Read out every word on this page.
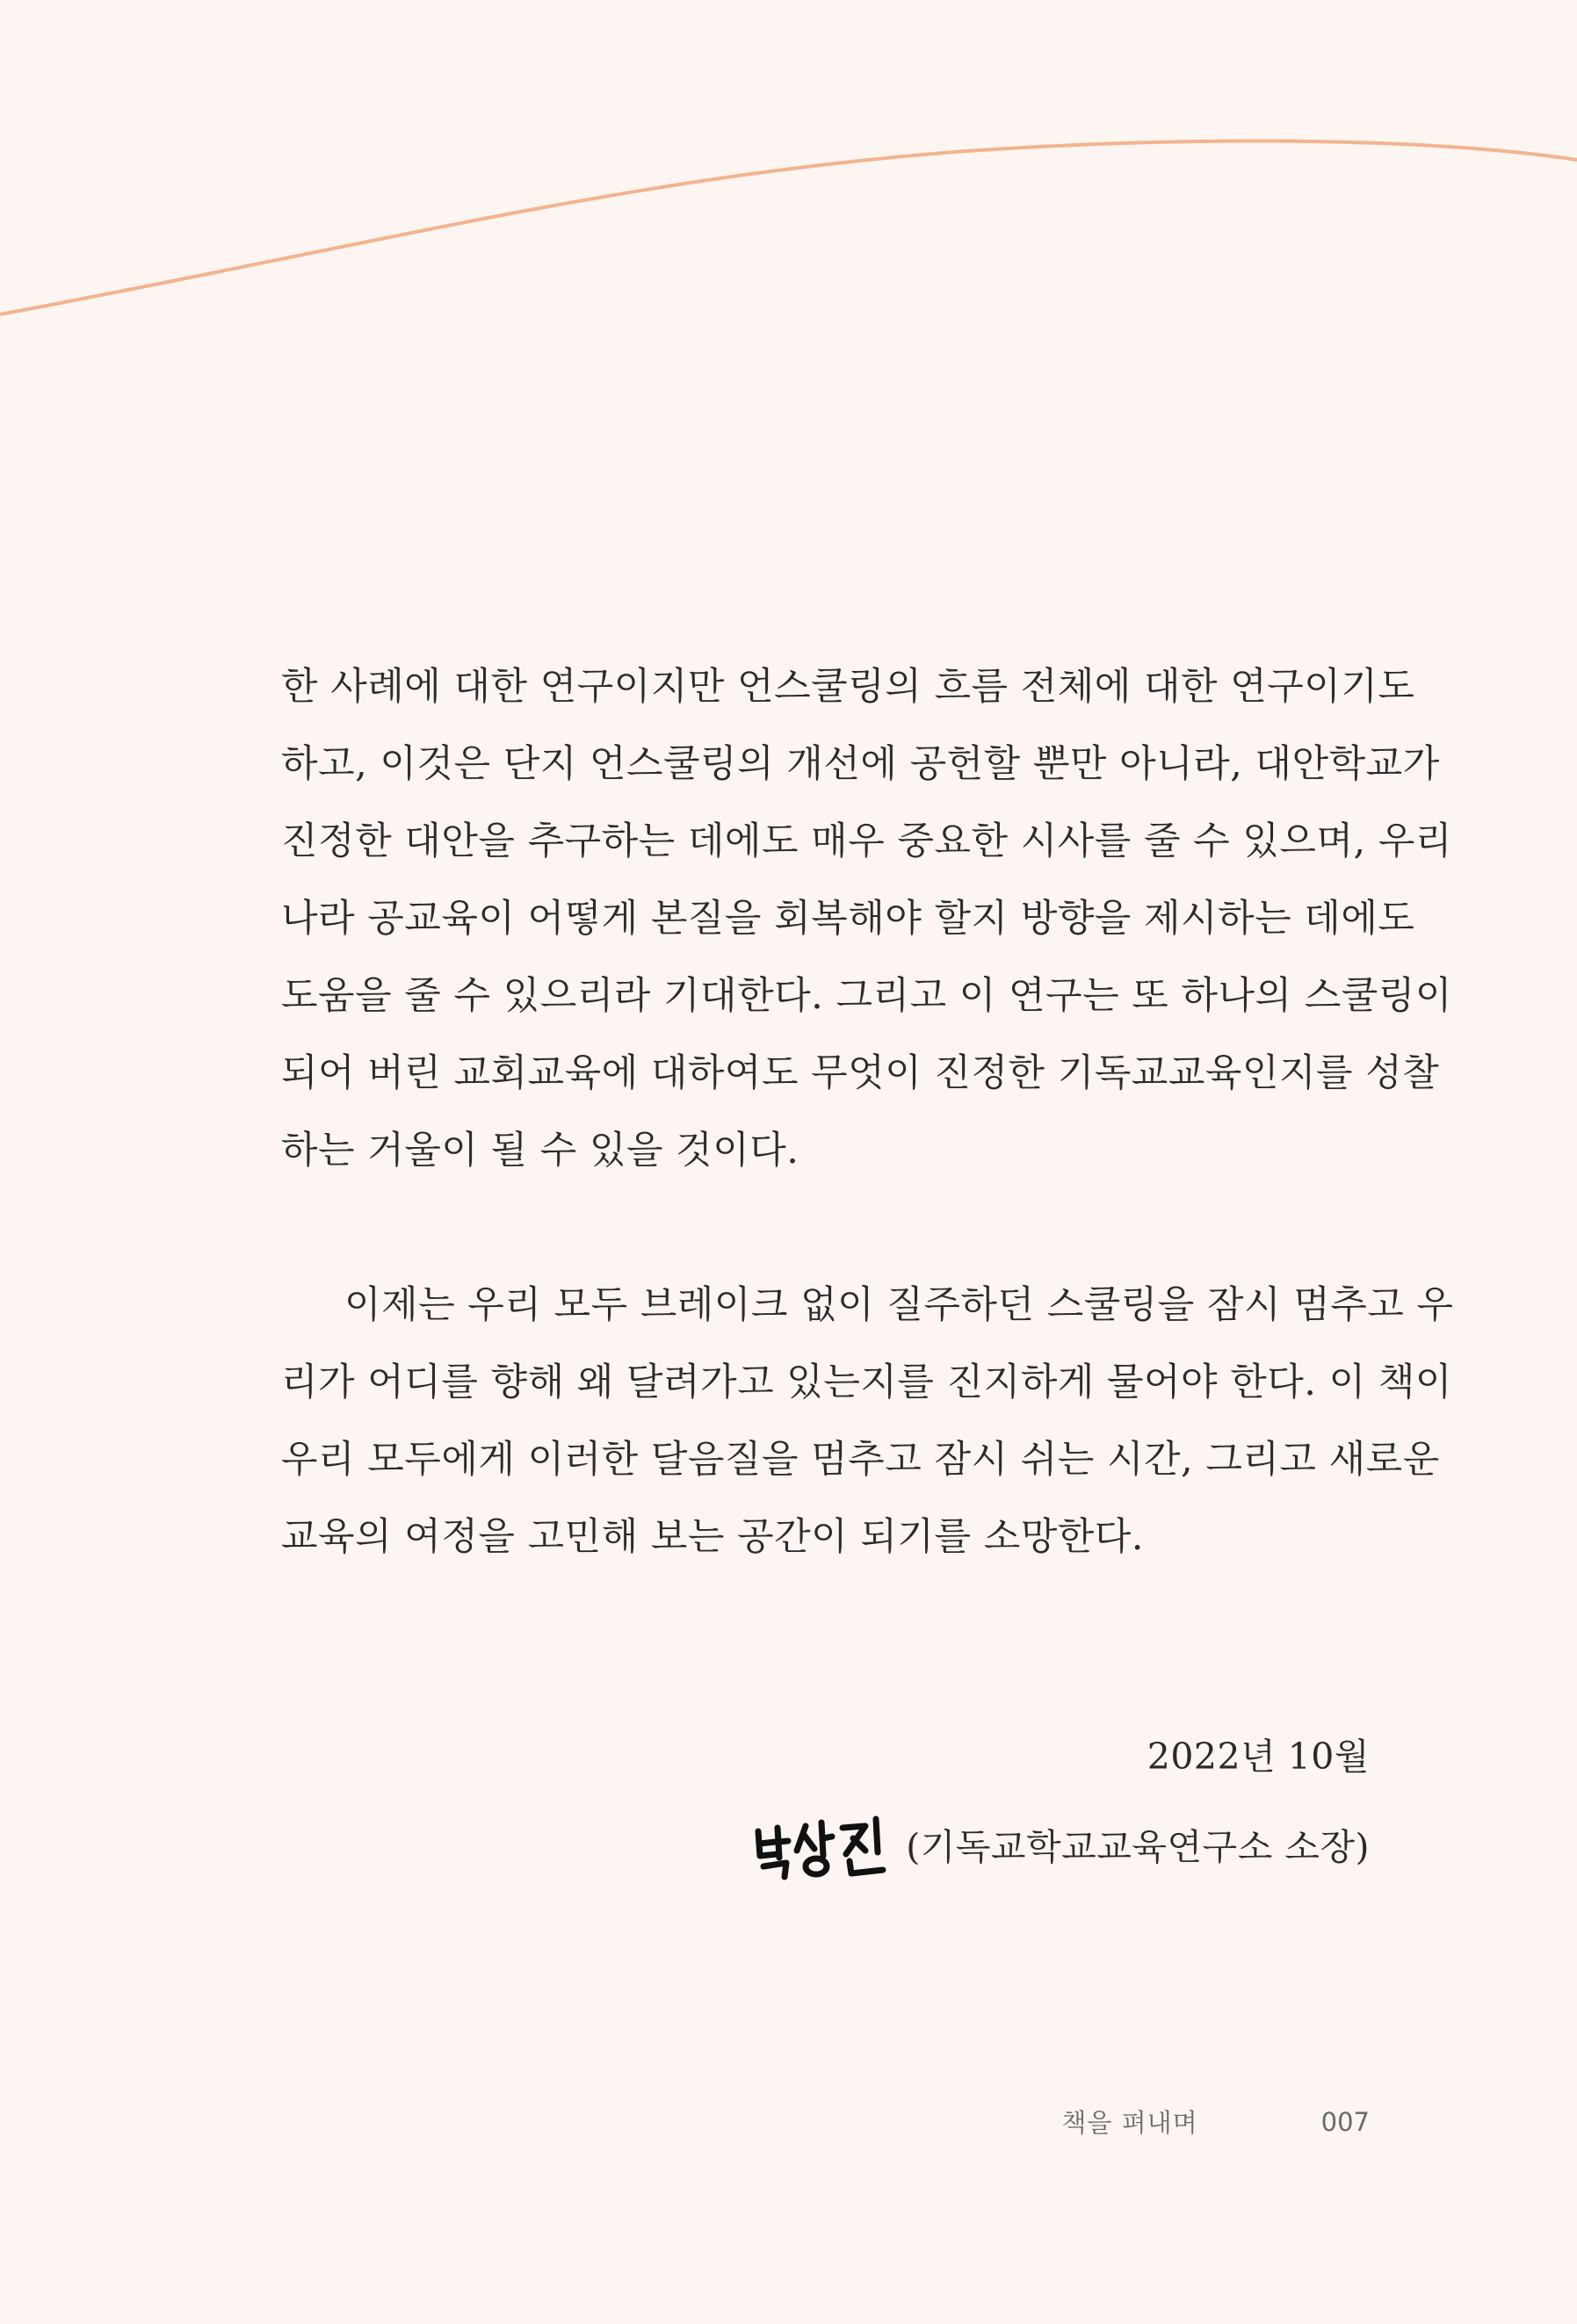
한 사례에 대한 연구이지만 언스쿨링의 흐름 전체에 대한 연구이기도
하고, 이것은 단지 언스쿨링의 개선에 공헌할 뿐만 아니라, 대안학교가
진정한 대안을 추구하는 데에도 매우 중요한 시사를 줄 수 있으며, 우리
나라 공교육이 어떻게 본질을 회복해야 할지 방향을 제시하는 데에도
도움을 줄 수 있으리라 기대한다. 그리고 이 연구는 또 하나의 스쿨링이
되어 버린 교회교육에 대하여도 무엇이 진정한 기독교교육인지를 성찰
하는 거울이 될 수 있을 것이다.
이제는 우리 모두 브레이크 없이 질주하던 스쿨링을 잠시 멈추고 우
리가 어디를 향해 왜 달려가고 있는지를 진지하게 물어야 한다. 이 책이
우리 모두에게 이러한 달음질을 멈추고 잠시 쉬는 시간, 그리고 새로운
교육의 여정을 고민해 보는 공간이 되기를 소망한다.
2022년 10월
(기독교학교교육연구소 소장)
책을 펴내며	007
